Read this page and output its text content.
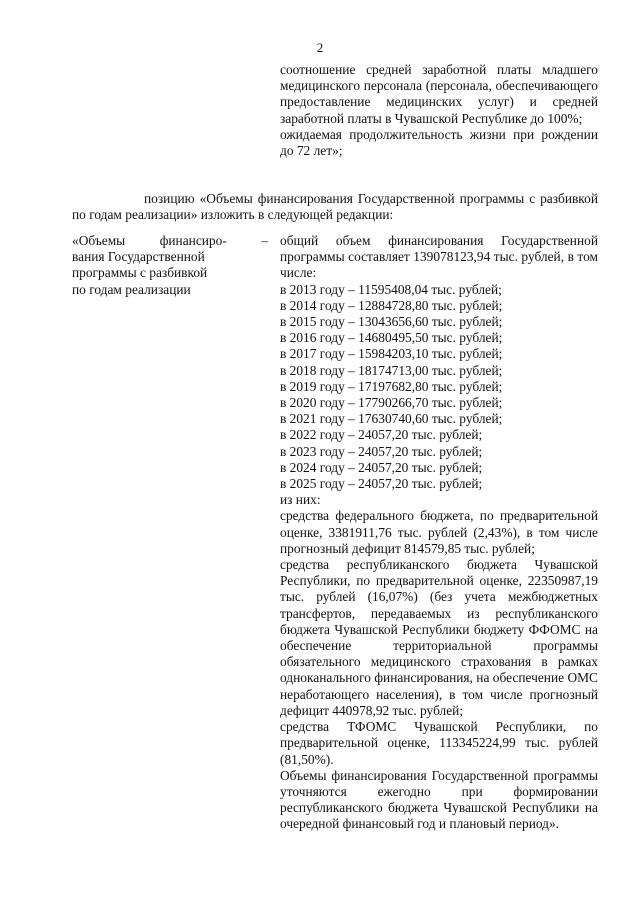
2

соотношение средней заработной платы младшего медицинского персонала (персонала, обеспечивающего предоставление медицинских услуг) и средней заработной платы в Чувашской Республике до 100%;

ожидаемая продолжительность жизни при рождении до 72 лет»;

позицию «Объемы финансирования Государственной программы с разбивкой по годам реализации» изложить в следующей редакции:
«Объемы финансиро- –
вания Государственной
программы с разбивкой
по годам реализации

общий объем финансирования Государственной программы составляет 139078123,94 тыс. рублей, в том числе:

в 2013 году – 11595408,04 тыс. рублей;

в 2014 году – 12884728,80 тыс. рублей;

в 2015 году – 13043656,60 тыс. рублей;

в 2016 году – 14680495,50 тыс. рублей;

в 2017 году – 15984203,10 тыс. рублей;

в 2018 году – 18174713,00 тыс. рублей;

в 2019 году – 17197682,80 тыс. рублей;

в 2020 году – 17790266,70 тыс. рублей;

в 2021 году – 17630740,60 тыс. рублей;

в 2022 году – 24057,20 тыс. рублей;

в 2023 году – 24057,20 тыс. рублей;

в 2024 году – 24057,20 тыс. рублей;

в 2025 году – 24057,20 тыс. рублей;

из них:

средства федерального бюджета, по предварительной оценке, 3381911,76 тыс. рублей (2,43%), в том числе прогнозный дефицит 814579,85 тыс. рублей;

средства республиканского бюджета Чувашской Республики, по предварительной оценке, 22350987,19 тыс. рублей (16,07%) (без учета межбюджетных трансфертов, передаваемых из республиканского бюджета Чувашской Республики бюджету ФФОМС на обеспечение территориальной программы обязательного медицинского страхования в рамках одноканального финансирования, на обеспечение ОМС неработающего населения), в том числе прогнозный дефицит 440978,92 тыс. рублей;

средства ТФОМС Чувашской Республики, по предварительной оценке, 113345224,99 тыс. рублей (81,50%).

Объемы финансирования Государственной программы уточняются ежегодно при формировании республиканского бюджета Чувашской Республики на очередной финансовый год и плановый период».
